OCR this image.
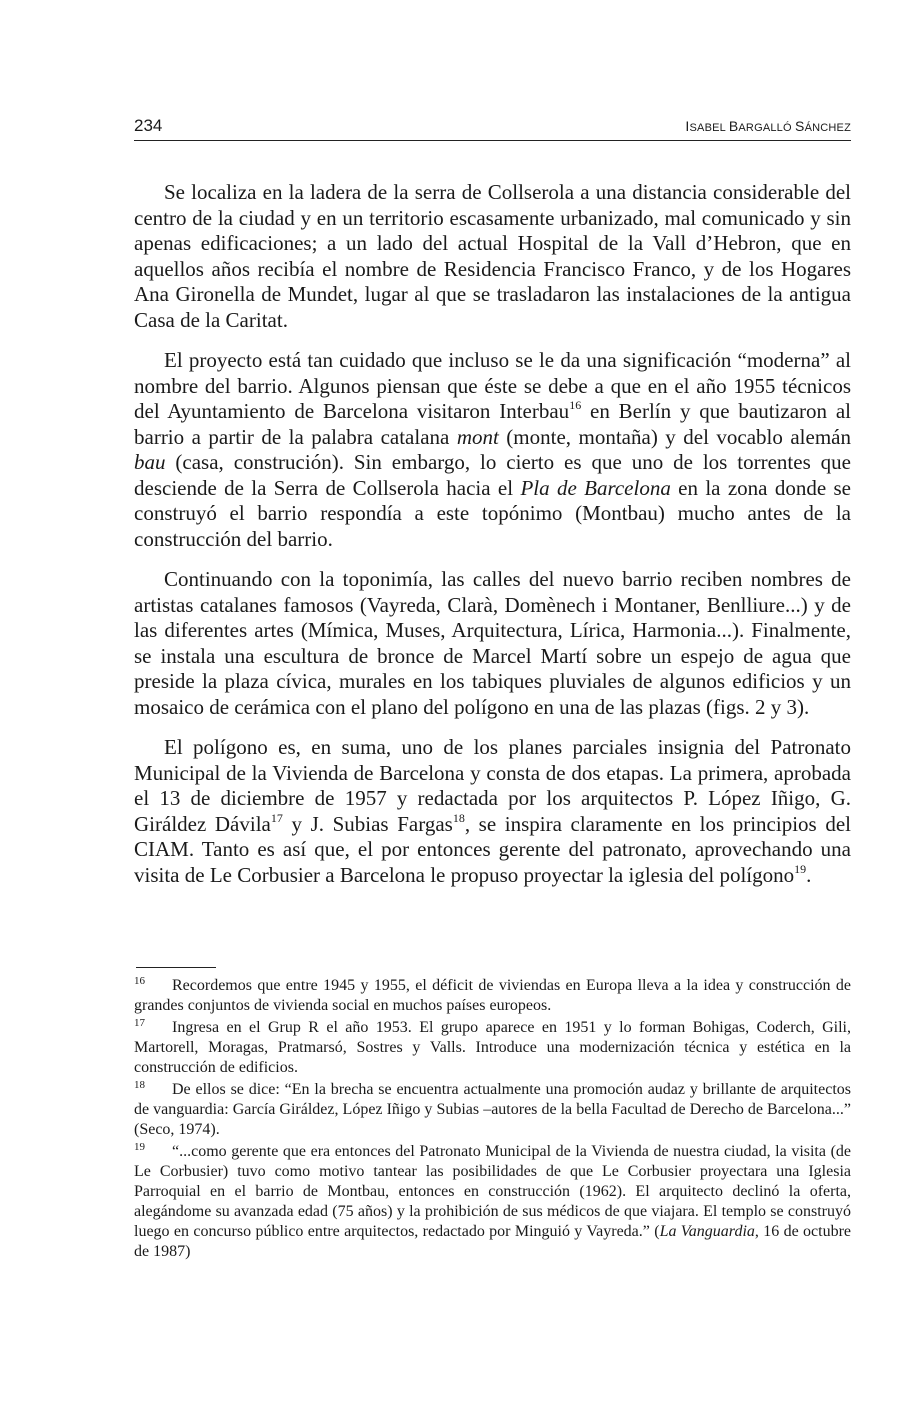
234	ISABEL BARGALLÓ SÁNCHEZ

Se localiza en la ladera de la serra de Collserola a una distancia considerable del centro de la ciudad y en un territorio escasamente urbanizado, mal comunicado y sin apenas edificaciones; a un lado del actual Hospital de la Vall d’Hebron, que en aquellos años recibía el nombre de Residencia Francisco Franco, y de los Hogares Ana Gironella de Mundet, lugar al que se trasladaron las instalaciones de la antigua Casa de la Caritat.

El proyecto está tan cuidado que incluso se le da una significación “moderna” al nombre del barrio. Algunos piensan que éste se debe a que en el año 1955 técnicos del Ayuntamiento de Barcelona visitaron Interbau$^{16}$ en Berlín y que bautizaron al barrio a partir de la palabra catalana mont (monte, montaña) y del vocablo alemán bau (casa, construción). Sin embargo, lo cierto es que uno de los torrentes que desciende de la Serra de Collserola hacia el Pla de Barcelona en la zona donde se construyó el barrio respondía a este topónimo (Montbau) mucho antes de la construcción del barrio.

Continuando con la toponimía, las calles del nuevo barrio reciben nombres de artistas catalanes famosos (Vayreda, Clarà, Domènech i Montaner, Benlliure...) y de las diferentes artes (Mímica, Muses, Arquitectura, Lírica, Harmonia...). Finalmente, se instala una escultura de bronce de Marcel Martí sobre un espejo de agua que preside la plaza cívica, murales en los tabiques pluviales de algunos edificios y un mosaico de cerámica con el plano del polígono en una de las plazas (figs. 2 y 3).

El polígono es, en suma, uno de los planes parciales insignia del Patronato Municipal de la Vivienda de Barcelona y consta de dos etapas. La primera, aprobada el 13 de diciembre de 1957 y redactada por los arquitectos P. López Iñigo, G. Giráldez Dávila$^{17}$ y J. Subias Fargas$^{18}$, se inspira claramente en los principios del CIAM. Tanto es así que, el por entonces gerente del patronato, aprovechando una visita de Le Corbusier a Barcelona le propuso proyectar la iglesia del polígono$^{19}$.

16 Recordemos que entre 1945 y 1955, el déficit de viviendas en Europa lleva a la idea y construcción de grandes conjuntos de vivienda social en muchos países europeos.

17 Ingresa en el Grup R el año 1953. El grupo aparece en 1951 y lo forman Bohigas, Coderch, Gili, Martorell, Moragas, Pratmarsó, Sostres y Valls. Introduce una modernización técnica y estética en la construcción de edificios.

18 De ellos se dice: “En la brecha se encuentra actualmente una promoción audaz y brillante de arquitectos de vanguardia: García Giráldez, López Iñigo y Subias –autores de la bella Facultad de Derecho de Barcelona...” (Seco, 1974).

19 “...como gerente que era entonces del Patronato Municipal de la Vivienda de nuestra ciudad, la visita (de Le Corbusier) tuvo como motivo tantear las posibilidades de que Le Corbusier proyectara una Iglesia Parroquial en el barrio de Montbau, entonces en construcción (1962). El arquitecto declinó la oferta, alegándome su avanzada edad (75 años) y la prohibición de sus médicos de que viajara. El templo se construyó luego en concurso público entre arquitectos, redactado por Minguió y Vayreda.” (La Vanguardia, 16 de octubre de 1987)
